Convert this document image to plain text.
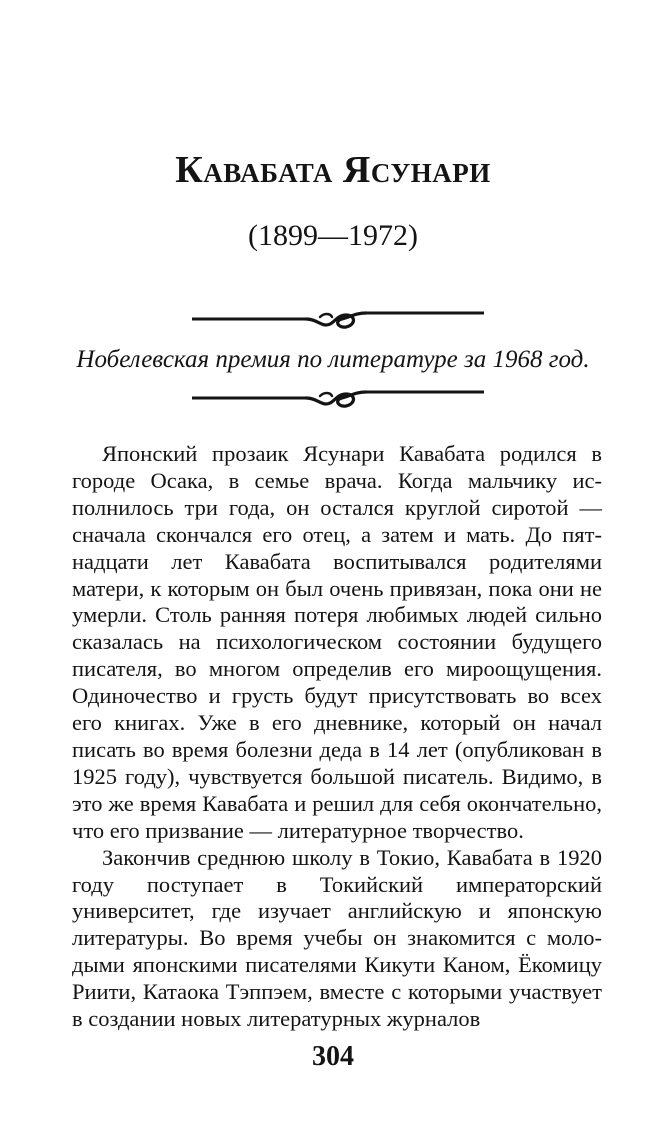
Кавабата Ясунари
(1899—1972)
Нобелевская премия по литературе за 1968 год.

Японский прозаик Ясунари Кавабата родился в городе Осака, в семье врача. Когда мальчику исполнилось три года, он остался круглой сиротой — сначала скончался его отец, а затем и мать. До пятнадцати лет Кавабата воспитывался родителями матери, к которым он был очень привязан, пока они не умерли. Столь ранняя потеря любимых людей сильно сказалась на психологическом состоянии будущего писателя, во многом определив его мироощущения. Одиночество и грусть будут присутствовать во всех его книгах. Уже в его дневнике, который он начал писать во время болезни деда в 14 лет (опубликован в 1925 году), чувствуется большой писатель. Видимо, в это же время Кавабата и решил для себя окончательно, что его призвание — литературное творчество.

Закончив среднюю школу в Токио, Кавабата в 1920 году поступает в Токийский императорский университет, где изучает английскую и японскую литературы. Во время учебы он знакомится с молодыми японскими писателями Кикути Каном, Ёкомицу Риити, Катаока Тэппэем, вместе с которыми участвует в создании новых литературных журналов

304
